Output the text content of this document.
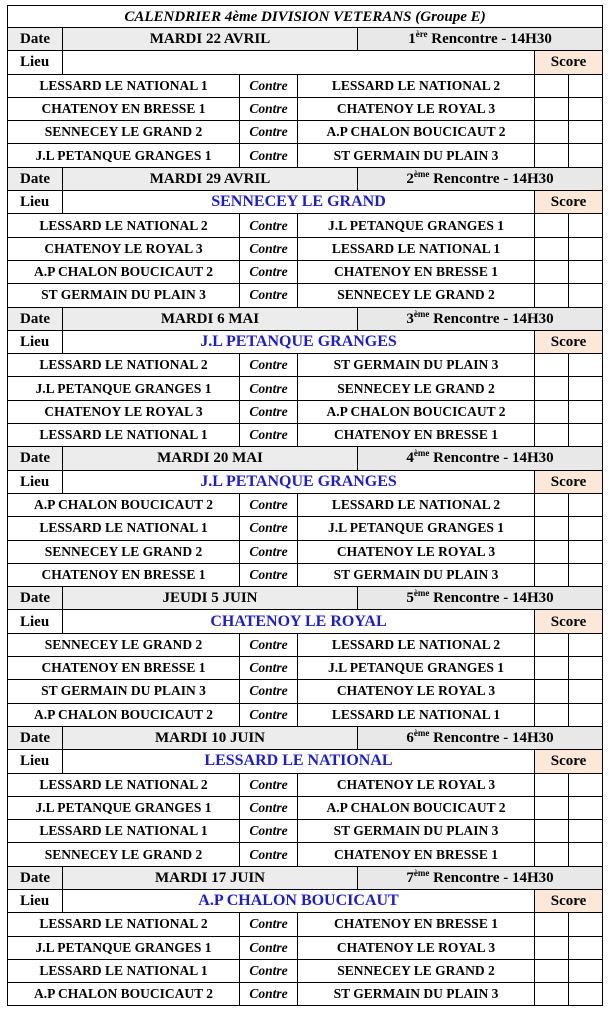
CALENDRIER 4ème DIVISION VETERANS (Groupe E)						
Date	MARDI 22 AVRIL			1ère Rencontre - 14H30		
Lieu					Score	
LESSARD LE NATIONAL 1		Contre	LESSARD LE NATIONAL 2			
CHATENOY EN BRESSE 1		Contre	CHATENOY LE ROYAL 3			
SENNECEY LE GRAND 2		Contre	A.P CHALON BOUCICAUT 2			
J.L PETANQUE GRANGES 1		Contre	ST GERMAIN DU PLAIN 3			
Date	MARDI 29 AVRIL			2ème Rencontre - 14H30		
Lieu	SENNECEY LE GRAND				Score	
LESSARD LE NATIONAL 2		Contre	J.L PETANQUE GRANGES 1			
CHATENOY LE ROYAL 3		Contre	LESSARD LE NATIONAL 1			
A.P CHALON BOUCICAUT 2		Contre	CHATENOY EN BRESSE 1			
ST GERMAIN DU PLAIN 3		Contre	SENNECEY LE GRAND 2			
Date	MARDI 6 MAI			3ème Rencontre - 14H30		
Lieu	J.L PETANQUE GRANGES				Score	
LESSARD LE NATIONAL 2		Contre	ST GERMAIN DU PLAIN 3			
J.L PETANQUE GRANGES 1		Contre	SENNECEY LE GRAND 2			
CHATENOY LE ROYAL 3		Contre	A.P CHALON BOUCICAUT 2			
LESSARD LE NATIONAL 1		Contre	CHATENOY EN BRESSE 1			
Date	MARDI 20 MAI			4ème Rencontre - 14H30		
Lieu	J.L PETANQUE GRANGES				Score	
A.P CHALON BOUCICAUT 2		Contre	LESSARD LE NATIONAL 2			
LESSARD LE NATIONAL 1		Contre	J.L PETANQUE GRANGES 1			
SENNECEY LE GRAND 2		Contre	CHATENOY LE ROYAL 3			
CHATENOY EN BRESSE 1		Contre	ST GERMAIN DU PLAIN 3			
Date	JEUDI 5 JUIN			5ème Rencontre - 14H30		
Lieu	CHATENOY LE ROYAL				Score	
SENNECEY LE GRAND 2		Contre	LESSARD LE NATIONAL 2			
CHATENOY EN BRESSE 1		Contre	J.L PETANQUE GRANGES 1			
ST GERMAIN DU PLAIN 3		Contre	CHATENOY LE ROYAL 3			
A.P CHALON BOUCICAUT 2		Contre	LESSARD LE NATIONAL 1			
Date	MARDI 10 JUIN			6ème Rencontre - 14H30		
Lieu	LESSARD LE NATIONAL				Score	
LESSARD LE NATIONAL 2		Contre	CHATENOY LE ROYAL 3			
J.L PETANQUE GRANGES 1		Contre	A.P CHALON BOUCICAUT 2			
LESSARD LE NATIONAL 1		Contre	ST GERMAIN DU PLAIN 3			
SENNECEY LE GRAND 2		Contre	CHATENOY EN BRESSE 1			
Date	MARDI 17 JUIN			7ème Rencontre - 14H30		
Lieu	A.P CHALON BOUCICAUT				Score	
LESSARD LE NATIONAL 2		Contre	CHATENOY EN BRESSE 1			
J.L PETANQUE GRANGES 1		Contre	CHATENOY LE ROYAL 3			
LESSARD LE NATIONAL 1		Contre	SENNECEY LE GRAND 2			
A.P CHALON BOUCICAUT 2		Contre	ST GERMAIN DU PLAIN 3			
